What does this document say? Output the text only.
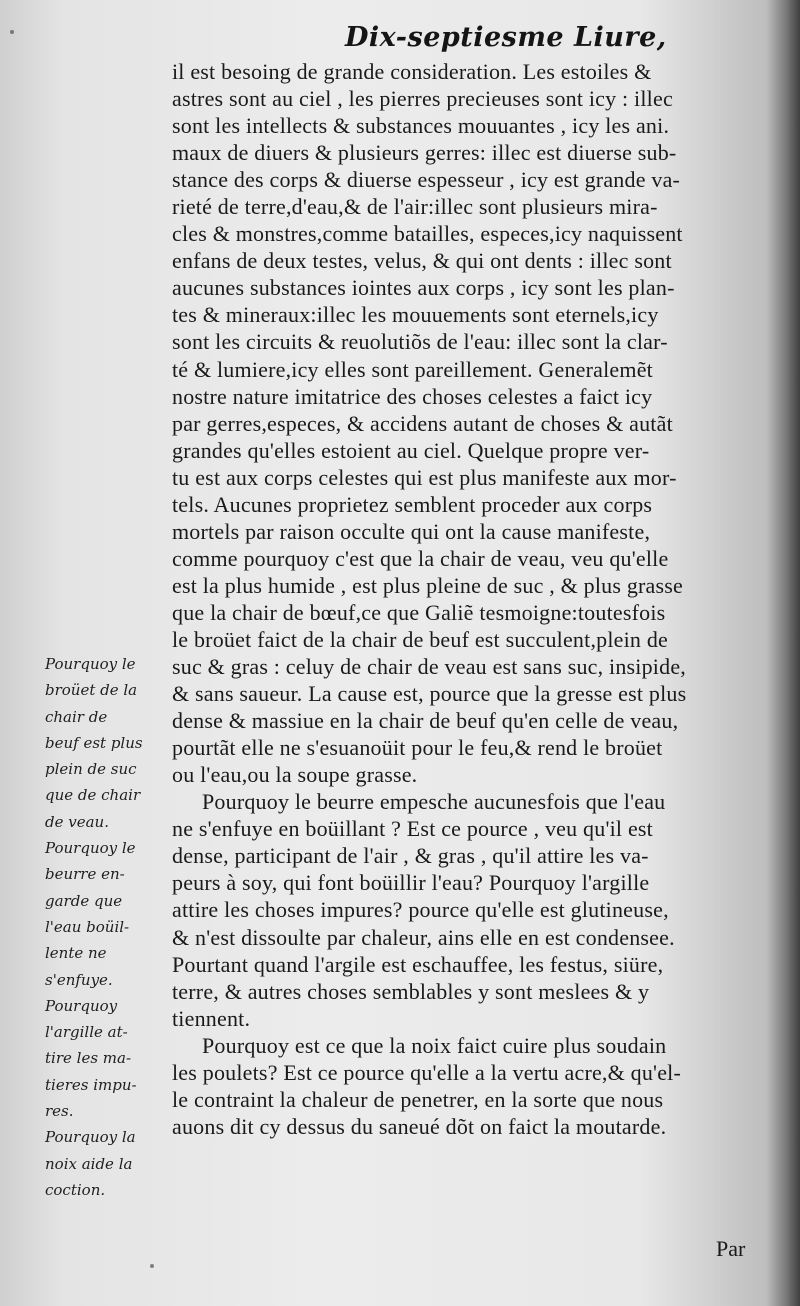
Dix-septiesme Liure,
il est besoing de grande consideration. Les estoiles &
astres sont au ciel , les pierres precieuses sont icy : illec
sont les intellects & substances mouuantes , icy les ani.
maux de diuers & plusieurs gerres: illec est diuerse sub-
stance des corps & diuerse espesseur , icy est grande va-
rieté de terre,d'eau,& de l'air:illec sont plusieurs mira-
cles & monstres,comme batailles, especes,icy naquissent
enfans de deux testes, velus, & qui ont dents : illec sont
aucunes substances iointes aux corps , icy sont les plan-
tes & mineraux:illec les mouuements sont eternels,icy
sont les circuits & reuolutiõs de l'eau: illec sont la clar-
té & lumiere,icy elles sont pareillement. Generalemẽt
nostre nature imitatrice des choses celestes a faict icy
par gerres,especes, & accidens autant de choses & autãt
grandes qu'elles estoient au ciel. Quelque propre ver-
tu est aux corps celestes qui est plus manifeste aux mor-
tels. Aucunes proprietez semblent proceder aux corps
mortels par raison occulte qui ont la cause manifeste,
comme pourquoy c'est que la chair de veau, veu qu'elle
est la plus humide , est plus pleine de suc , & plus grasse
que la chair de bœuf,ce que Galiẽ tesmoigne:toutesfois
le broüet faict de la chair de beuf est succulent,plein de
suc & gras : celuy de chair de veau est sans suc, insipide,
& sans saueur. La cause est, pource que la gresse est plus
dense & massiue en la chair de beuf qu'en celle de veau,
pourtãt elle ne s'esuanoüit pour le feu,& rend le broüet
ou l'eau,ou la soupe grasse.
Pourquoy le beurre empesche aucunesfois que l'eau
ne s'enfuye en boüillant ? Est ce pource , veu qu'il est
dense, participant de l'air , & gras , qu'il attire les va-
peurs à soy, qui font boüillir l'eau? Pourquoy l'argille
attire les choses impures? pource qu'elle est glutineuse,
& n'est dissoulte par chaleur, ains elle en est condensee.
Pourtant quand l'argile est eschauffee, les festus, siüre,
terre, & autres choses semblables y sont meslees & y
tiennent.
Pourquoy est ce que la noix faict cuire plus soudain
les poulets? Est ce pource qu'elle a la vertu acre,& qu'el-
le contraint la chaleur de penetrer, en la sorte que nous
auons dit cy dessus du saneué dõt on faict la moutarde.
Pourquoy le
broüet de la
chair de
beuf est plus
plein de suc
que de chair
de veau.
Pourquoy le
beurre en-
garde que
l'eau boüil-
lente ne
s'enfuye.
Pourquoy
l'argille at-
tire les ma-
tieres impu-
res.
Pourquoy la
noix aide la
coction.
Par
